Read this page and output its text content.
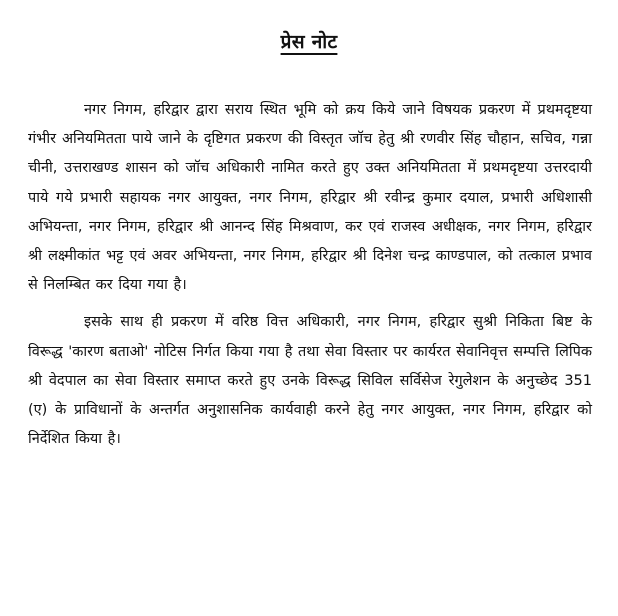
प्रेस नोट

नगर निगम, हरिद्वार द्वारा सराय स्थित भूमि को क्रय किये जाने विषयक प्रकरण में प्रथमदृष्टया गंभीर अनियमितता पाये जाने के दृष्टिगत प्रकरण की विस्तृत जॉच हेतु श्री रणवीर सिंह चौहान, सचिव, गन्ना चीनी, उत्तराखण्ड शासन को जॉच अधिकारी नामित करते हुए उक्त अनियमितता में प्रथमदृष्टया उत्तरदायी पाये गये प्रभारी सहायक नगर आयुक्त, नगर निगम, हरिद्वार श्री रवीन्द्र कुमार दयाल, प्रभारी अधिशासी अभियन्ता, नगर निगम, हरिद्वार श्री आनन्द सिंह मिश्रवाण, कर एवं राजस्व अधीक्षक, नगर निगम, हरिद्वार श्री लक्ष्मीकांत भट्ट एवं अवर अभियन्ता, नगर निगम, हरिद्वार श्री दिनेश चन्द्र काण्डपाल, को तत्काल प्रभाव से निलम्बित कर दिया गया है।

इसके साथ ही प्रकरण में वरिष्ठ वित्त अधिकारी, नगर निगम, हरिद्वार सुश्री निकिता बिष्ट के विरूद्ध 'कारण बताओ' नोटिस निर्गत किया गया है तथा सेवा विस्तार पर कार्यरत सेवानिवृत्त सम्पत्ति लिपिक श्री वेदपाल का सेवा विस्तार समाप्त करते हुए उनके विरूद्ध सिविल सर्विसेज रेगुलेशन के अनुच्छेद 351 (ए) के प्राविधानों के अन्तर्गत अनुशासनिक कार्यवाही करने हेतु नगर आयुक्त, नगर निगम, हरिद्वार को निर्देशित किया है।
